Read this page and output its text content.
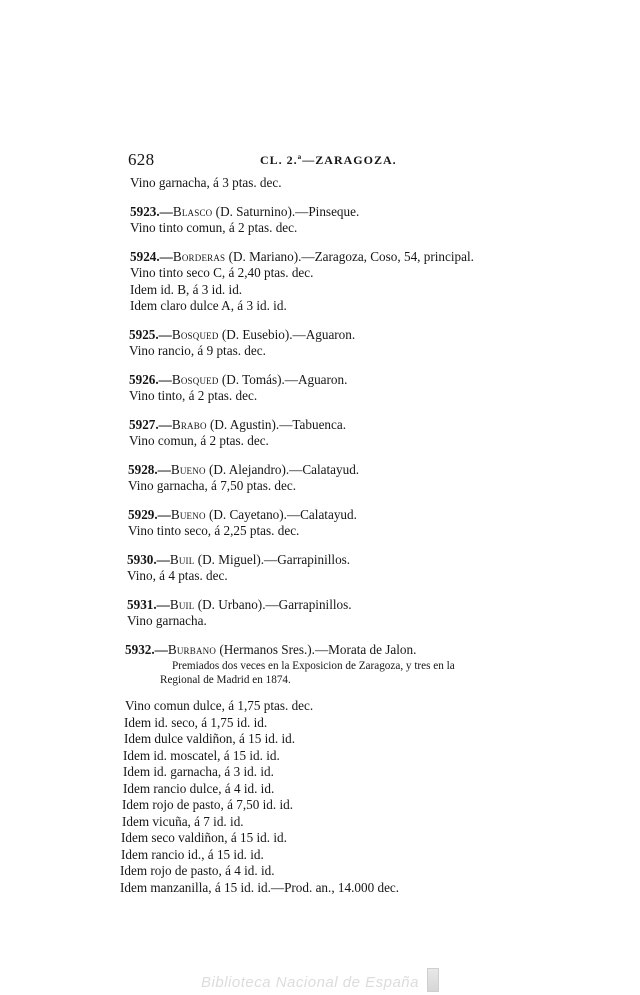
628	CL. 2.ª—ZARAGOZA.
Vino garnacha, á 3 ptas. dec.
5923.—Blasco (D. Saturnino).—Pinseque.
Vino tinto comun, á 2 ptas. dec.
5924.—Borderas (D. Mariano).—Zaragoza, Coso, 54, principal.
Vino tinto seco C, á 2,40 ptas. dec.
Idem id. B, á 3 id. id.
Idem claro dulce A, á 3 id. id.
5925.—Bosqued (D. Eusebio).—Aguaron.
Vino rancio, á 9 ptas. dec.
5926.—Bosqued (D. Tomás).—Aguaron.
Vino tinto, á 2 ptas. dec.
5927.—Brabo (D. Agustin).—Tabuenca.
Vino comun, á 2 ptas. dec.
5928.—Bueno (D. Alejandro).—Calatayud.
Vino garnacha, á 7,50 ptas. dec.
5929.—Bueno (D. Cayetano).—Calatayud.
Vino tinto seco, á 2,25 ptas. dec.
5930.—Buil (D. Miguel).—Garrapinillos.
Vino, á 4 ptas. dec.
5931.—Buil (D. Urbano).—Garrapinillos.
Vino garnacha.
5932.—Burbano (Hermanos Sres.).—Morata de Jalon.
Premiados dos veces en la Exposicion de Zaragoza, y tres en la
Regional de Madrid en 1874.
Vino comun dulce, á 1,75 ptas. dec.
Idem id. seco, á 1,75 id. id.
Idem dulce valdiñon, á 15 id. id.
Idem id. moscatel, á 15 id. id.
Idem id. garnacha, á 3 id. id.
Idem rancio dulce, á 4 id. id.
Idem rojo de pasto, á 7,50 id. id.
Idem vicuña, á 7 id. id.
Idem seco valdiñon, á 15 id. id.
Idem rancio id., á 15 id. id.
Idem rojo de pasto, á 4 id. id.
Idem manzanilla, á 15 id. id.—Prod. an., 14.000 dec.
Biblioteca Nacional de España
